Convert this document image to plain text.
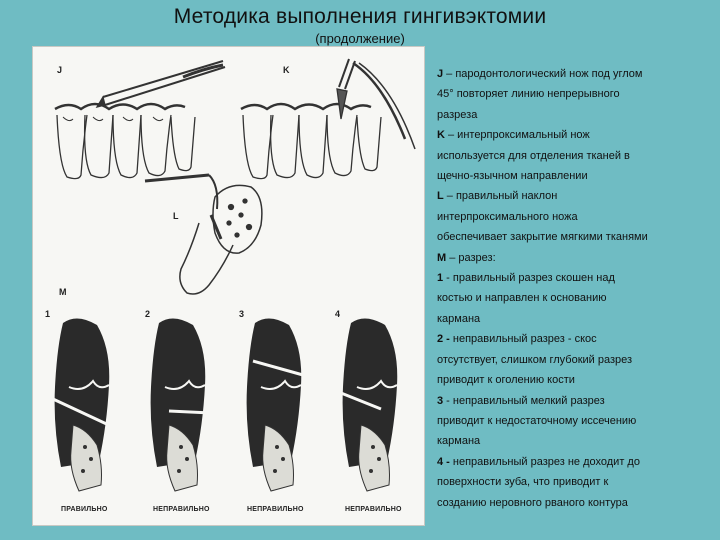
Методика выполнения гингивэктомии
(продолжение)
J	K
L
M
1	2	3	4
ПРАВИЛЬНО	НЕПРАВИЛЬНО	НЕПРАВИЛЬНО	НЕПРАВИЛЬНО

J – пародонтологический нож под углом

45° повторяет линию непрерывного

разреза

K – интерпроксимальный нож

используется для отделения тканей в

щечно-язычном направлении

L – правильный наклон

интерпроксимального ножа

обеспечивает закрытие мягкими тканями

M – разрез:

1 - правильный разрез скошен над

костью и направлен к основанию

кармана

2 - неправильный разрез - скос

отсутствует, слишком глубокий разрез

приводит к оголению кости

3 - неправильный мелкий разрез

приводит к недостаточному иссечению

кармана

4 - неправильный разрез не доходит до

поверхности зуба, что приводит к

созданию неровного рваного контура
